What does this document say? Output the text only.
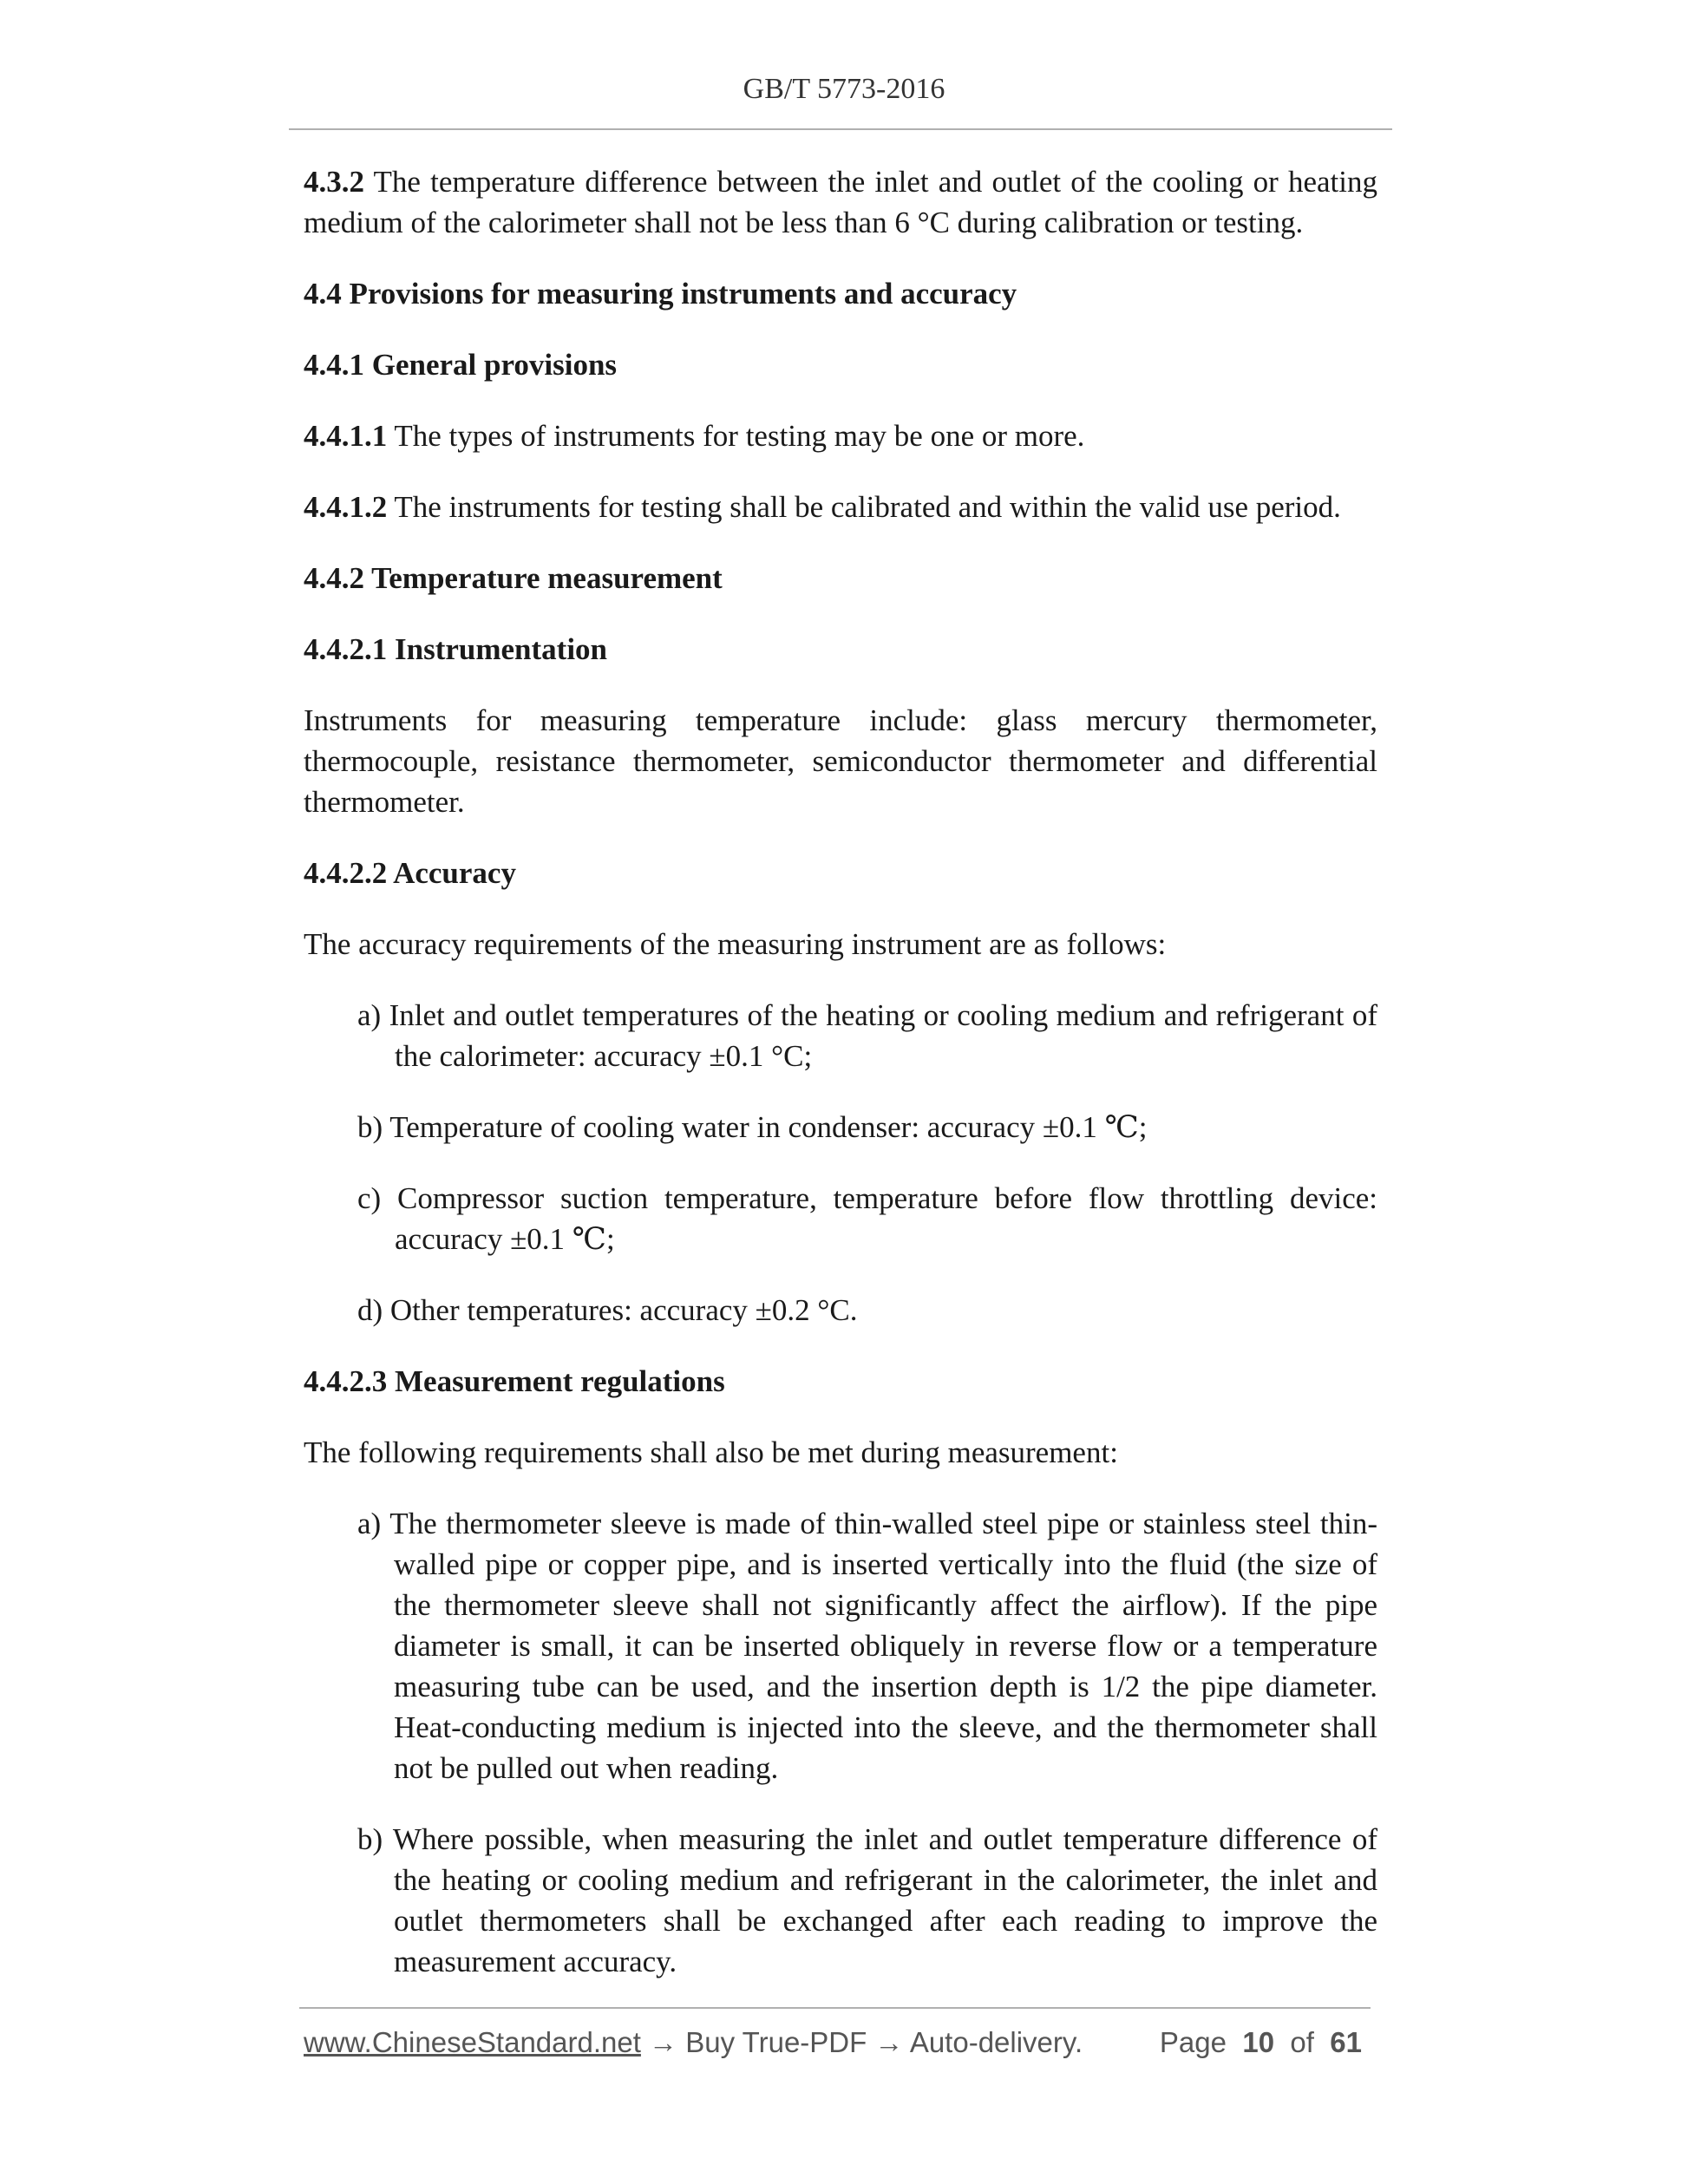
GB/T 5773-2016

4.3.2 The temperature difference between the inlet and outlet of the cooling or heating medium of the calorimeter shall not be less than 6 °C during calibration or testing.

4.4 Provisions for measuring instruments and accuracy

4.4.1 General provisions

4.4.1.1 The types of instruments for testing may be one or more.

4.4.1.2 The instruments for testing shall be calibrated and within the valid use period.

4.4.2 Temperature measurement

4.4.2.1 Instrumentation

Instruments for measuring temperature include: glass mercury thermometer, thermocouple, resistance thermometer, semiconductor thermometer and differential thermometer.

4.4.2.2 Accuracy

The accuracy requirements of the measuring instrument are as follows:

a) Inlet and outlet temperatures of the heating or cooling medium and refrigerant of the calorimeter: accuracy ±0.1 °C;
b) Temperature of cooling water in condenser: accuracy ±0.1 ℃;
c) Compressor suction temperature, temperature before flow throttling device: accuracy ±0.1 ℃;
d) Other temperatures: accuracy ±0.2 °C.

4.4.2.3 Measurement regulations

The following requirements shall also be met during measurement:

a) The thermometer sleeve is made of thin-walled steel pipe or stainless steel thin-walled pipe or copper pipe, and is inserted vertically into the fluid (the size of the thermometer sleeve shall not significantly affect the airflow). If the pipe diameter is small, it can be inserted obliquely in reverse flow or a temperature measuring tube can be used, and the insertion depth is 1/2 the pipe diameter. Heat-conducting medium is injected into the sleeve, and the thermometer shall not be pulled out when reading.
b) Where possible, when measuring the inlet and outlet temperature difference of the heating or cooling medium and refrigerant in the calorimeter, the inlet and outlet thermometers shall be exchanged after each reading to improve the measurement accuracy.
www.ChineseStandard.net → Buy True-PDF → Auto-delivery.	Page 10 of 61
